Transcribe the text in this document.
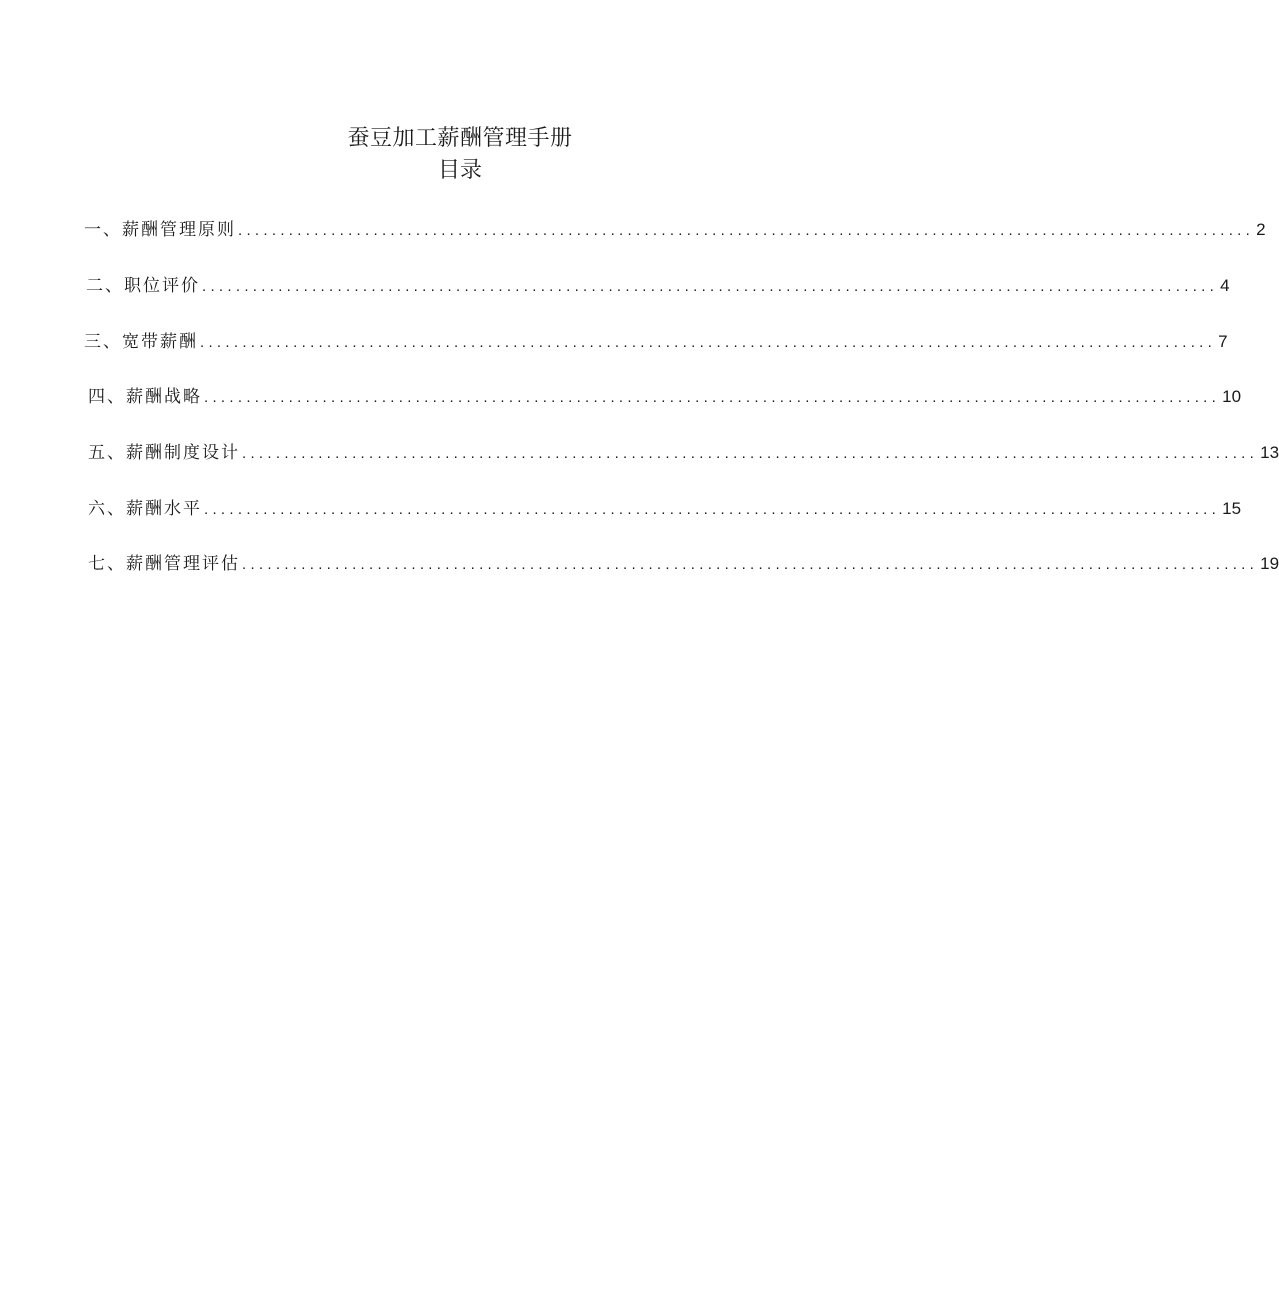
蚕豆加工薪酬管理手册
目录
一、薪酬管理原则 ........................................................................................................................ 2
二、职位评价 ........................................................................................................................ 4
三、宽带薪酬 ........................................................................................................................ 7
四、薪酬战略 ........................................................................................................................ 10
五、薪酬制度设计 ........................................................................................................................ 13
六、薪酬水平 ........................................................................................................................ 15
七、薪酬管理评估 ........................................................................................................................ 19
